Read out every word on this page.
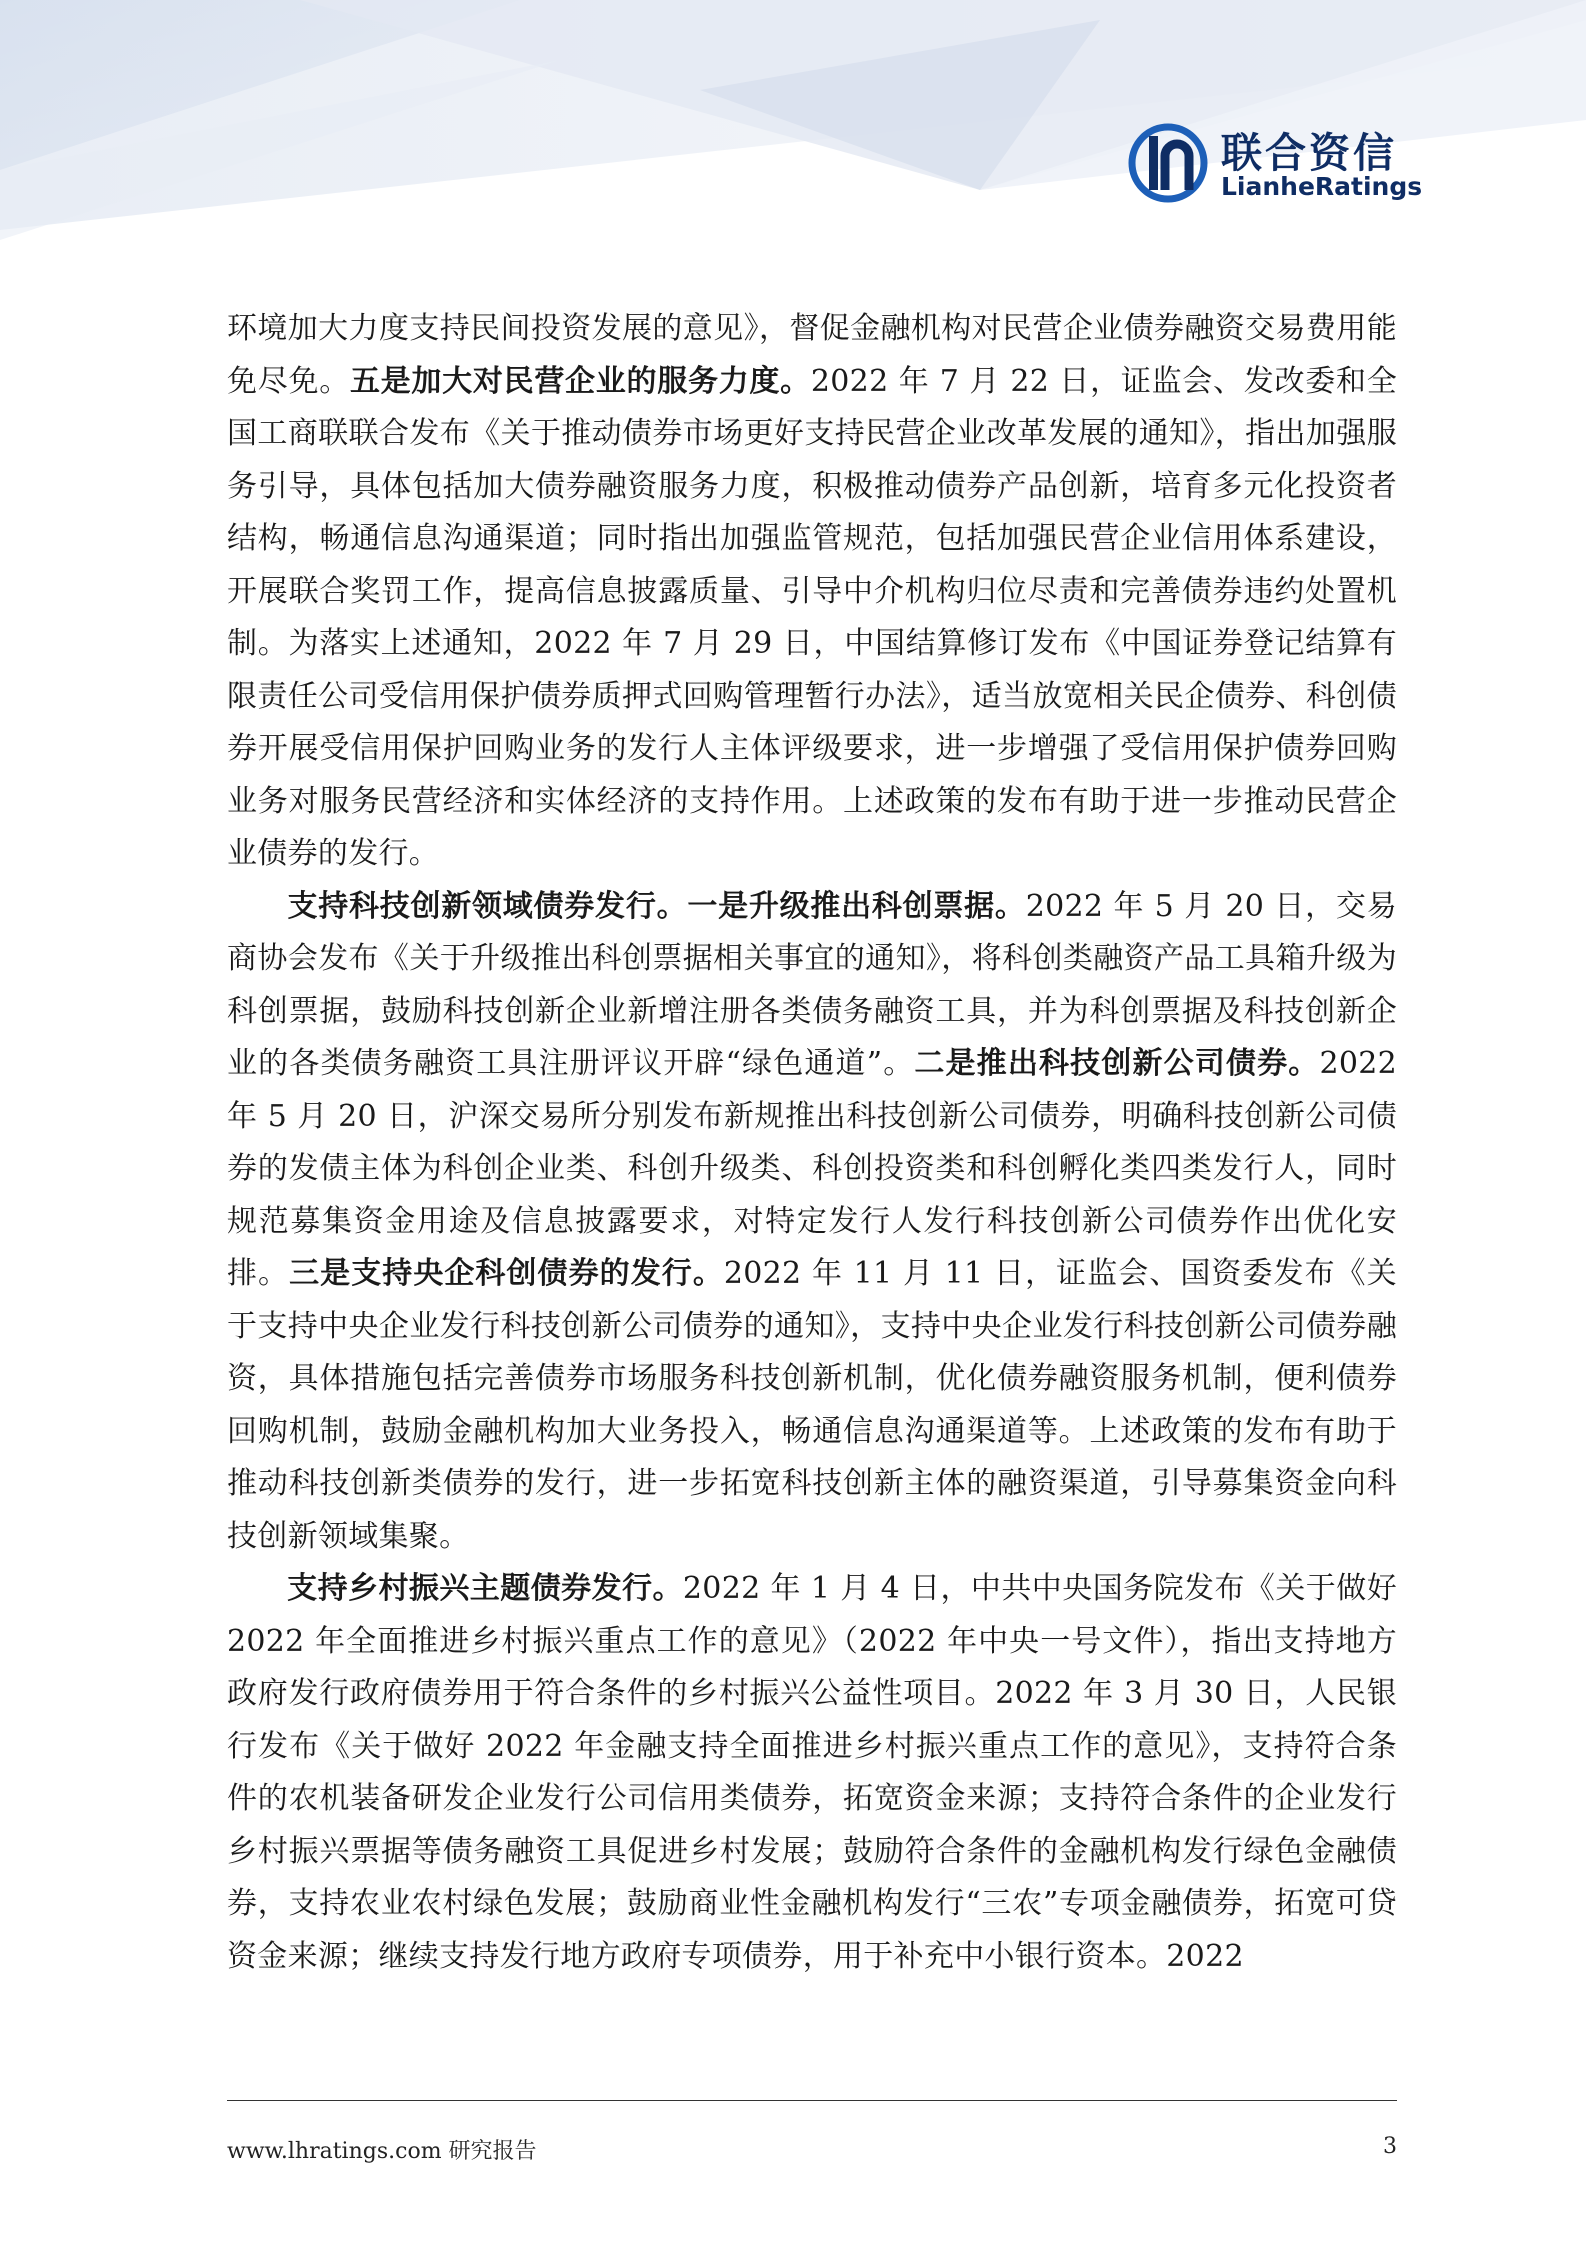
联合资信
LianheRatings

环境加大力度支持民间投资发展的意见》，督促金融机构对民营企业债券融资交易费用能免尽免。五是加大对民营企业的服务力度。2022 年 7 月 22 日，证监会、发改委和全国工商联联合发布《关于推动债券市场更好支持民营企业改革发展的通知》，指出加强服务引导，具体包括加大债券融资服务力度，积极推动债券产品创新，培育多元化投资者结构，畅通信息沟通渠道；同时指出加强监管规范，包括加强民营企业信用体系建设，开展联合奖罚工作，提高信息披露质量、引导中介机构归位尽责和完善债券违约处置机制。为落实上述通知，2022 年 7 月 29 日，中国结算修订发布《中国证券登记结算有限责任公司受信用保护债券质押式回购管理暂行办法》，适当放宽相关民企债券、科创债券开展受信用保护回购业务的发行人主体评级要求，进一步增强了受信用保护债券回购业务对服务民营经济和实体经济的支持作用。上述政策的发布有助于进一步推动民营企业债券的发行。

支持科技创新领域债券发行。一是升级推出科创票据。2022 年 5 月 20 日，交易商协会发布《关于升级推出科创票据相关事宜的通知》，将科创类融资产品工具箱升级为科创票据，鼓励科技创新企业新增注册各类债务融资工具，并为科创票据及科技创新企业的各类债务融资工具注册评议开辟“绿色通道”。二是推出科技创新公司债券。2022 年 5 月 20 日，沪深交易所分别发布新规推出科技创新公司债券，明确科技创新公司债券的发债主体为科创企业类、科创升级类、科创投资类和科创孵化类四类发行人，同时规范募集资金用途及信息披露要求，对特定发行人发行科技创新公司债券作出优化安排。三是支持央企科创债券的发行。2022 年 11 月 11 日，证监会、国资委发布《关于支持中央企业发行科技创新公司债券的通知》，支持中央企业发行科技创新公司债券融资，具体措施包括完善债券市场服务科技创新机制，优化债券融资服务机制，便利债券回购机制，鼓励金融机构加大业务投入，畅通信息沟通渠道等。上述政策的发布有助于推动科技创新类债券的发行，进一步拓宽科技创新主体的融资渠道，引导募集资金向科技创新领域集聚。

支持乡村振兴主题债券发行。2022 年 1 月 4 日，中共中央国务院发布《关于做好 2022 年全面推进乡村振兴重点工作的意见》（2022 年中央一号文件），指出支持地方政府发行政府债券用于符合条件的乡村振兴公益性项目。2022 年 3 月 30 日，人民银行发布《关于做好 2022 年金融支持全面推进乡村振兴重点工作的意见》，支持符合条件的农机装备研发企业发行公司信用类债券，拓宽资金来源；支持符合条件的企业发行乡村振兴票据等债务融资工具促进乡村发展；鼓励符合条件的金融机构发行绿色金融债券，支持农业农村绿色发展；鼓励商业性金融机构发行“三农”专项金融债券，拓宽可贷资金来源；继续支持发行地方政府专项债券，用于补充中小银行资本。2022

www.lhratings.com 研究报告	3
